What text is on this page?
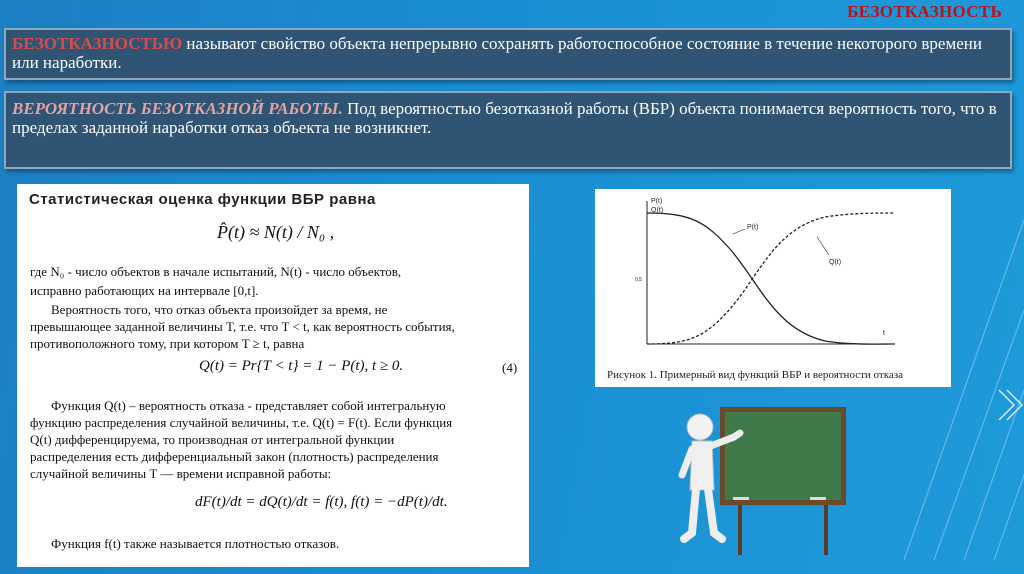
БЕЗОТКАЗНОСТЬ
БЕЗОТКАЗНОСТЬЮ называют свойство объекта непрерывно сохранять работоспособное состояние в течение некоторого времени или наработки.
ВЕРОЯТНОСТЬ БЕЗОТКАЗНОЙ РАБОТЫ. Под вероятностью безотказной работы (ВБР) объекта понимается вероятность того, что в пределах заданной наработки отказ объекта не возникнет.
Статистическая оценка функции ВБР равна
P̂(t) ≈ N(t) / N₀ ,
где N₀ - число объектов в начале испытаний, N(t) - число объектов,
исправно работающих на интервале [0,t].
Вероятность того, что отказ объекта произойдет за время, не
превышающее заданной величины T, т.е. что T < t, как вероятность события,
противоположного тому, при котором T ≥ t, равна
Q(t) = Pr{T < t} = 1 − P(t), t ≥ 0.	(4)
Функция Q(t) – вероятность отказа - представляет собой интегральную
функцию распределения случайной величины, т.е. Q(t) = F(t). Если функция
Q(t) дифференцируема, то производная от интегральной функции
распределения есть дифференциальный закон (плотность) распределения
случайной величины T — времени исправной работы:
dF(t)/dt = dQ(t)/dt = f(t), f(t) = −dP(t)/dt.
Функция f(t) также называется плотностью отказов.
P(t)
Q(t)
0,5
t
P(t)
Q(t)
Рисунок 1. Примерный вид функций ВБР и вероятности отказа
